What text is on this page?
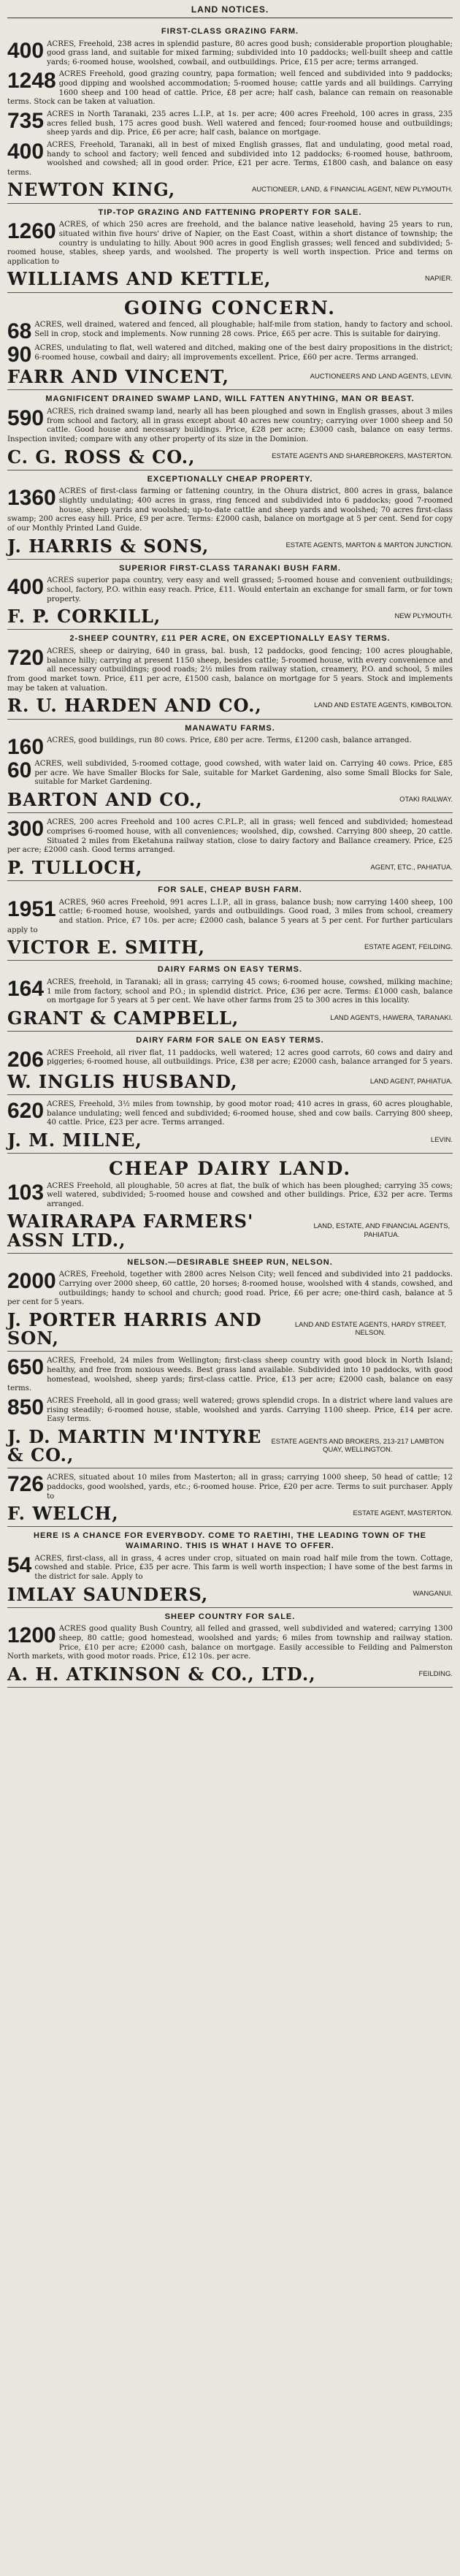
LAND NOTICES.
FIRST-CLASS GRAZING FARM.
400 ACRES, Freehold, 238 acres in splendid pasture, 80 acres good bush; considerable proportion ploughable; good grass land, and suitable for mixed farming; subdivided into 10 paddocks; well-built sheep and cattle yards; 6-roomed house, woolshed, cowbail, and outbuildings. Price, £15 per acre; terms arranged.
1248 ACRES Freehold, good grazing country, papa formation; well fenced and subdivided into 9 paddocks; good dipping and woolshed accommodation; 5-roomed house; cattle yards and all buildings. Carrying 1600 sheep and 100 head of cattle. Price, £8 per acre; half cash, balance can remain on reasonable terms. Stock can be taken at valuation.
735 ACRES in North Taranaki, 235 acres L.I.P., at 1s. per acre; 400 acres Freehold, 100 acres in grass, 235 acres felled bush, 175 acres good bush. Well watered and fenced; four-roomed house and outbuildings; sheep yards and dip. Price, £6 per acre; half cash, balance on mortgage.
400 ACRES, Freehold, Taranaki, all in best of mixed English grasses, flat and undulating, good metal road, handy to school and factory; well fenced and subdivided into 12 paddocks; 6-roomed house, bathroom, woolshed and cowshed; all in good order. Price, £21 per acre. Terms, £1800 cash, and balance on easy terms.
NEWTON KING,	AUCTIONEER, LAND, & FINANCIAL AGENT, NEW PLYMOUTH.
TIP-TOP GRAZING AND FATTENING PROPERTY FOR SALE.
1260 ACRES, of which 250 acres are freehold, and the balance native leasehold, having 25 years to run, situated within five hours' drive of Napier, on the East Coast, within a short distance of township; the country is undulating to hilly. About 900 acres in good English grasses; well fenced and subdivided; 5-roomed house, stables, sheep yards, and woolshed. The property is well worth inspection. Price and terms on application to
WILLIAMS AND KETTLE,	NAPIER.
GOING CONCERN.
68 ACRES, well drained, watered and fenced, all ploughable; half-mile from station, handy to factory and school. Sell in crop, stock and implements. Now running 28 cows. Price, £65 per acre. This is suitable for dairying.
90 ACRES, undulating to flat, well watered and ditched, making one of the best dairy propositions in the district; 6-roomed house, cowbail and dairy; all improvements excellent. Price, £60 per acre. Terms arranged.
FARR AND VINCENT,	AUCTIONEERS AND LAND AGENTS, LEVIN.
MAGNIFICENT DRAINED SWAMP LAND, WILL FATTEN ANYTHING, MAN OR BEAST.
590 ACRES, rich drained swamp land, nearly all has been ploughed and sown in English grasses, about 3 miles from school and factory, all in grass except about 40 acres new country; carrying over 1000 sheep and 50 cattle. Good house and necessary buildings. Price, £28 per acre; £3000 cash, balance on easy terms. Inspection invited; compare with any other property of its size in the Dominion.
C. G. ROSS & CO.,	ESTATE AGENTS AND SHAREBROKERS, MASTERTON.
EXCEPTIONALLY CHEAP PROPERTY.
1360 ACRES of first-class farming or fattening country, in the Ohura district, 800 acres in grass, balance slightly undulating; 400 acres in grass, ring fenced and subdivided into 6 paddocks; good 7-roomed house, sheep yards and woolshed; up-to-date cattle and sheep yards and woolshed; 70 acres first-class swamp; 200 acres easy hill. Price, £9 per acre. Terms: £2000 cash, balance on mortgage at 5 per cent. Send for copy of our Monthly Printed Land Guide.
J. HARRIS & SONS,	ESTATE AGENTS, MARTON & MARTON JUNCTION.
SUPERIOR FIRST-CLASS TARANAKI BUSH FARM.
400 ACRES superior papa country, very easy and well grassed; 5-roomed house and convenient outbuildings; school, factory, P.O. within easy reach. Price, £11. Would entertain an exchange for small farm, or for town property.
F. P. CORKILL,	NEW PLYMOUTH.
2-SHEEP COUNTRY, £11 PER ACRE, ON EXCEPTIONALLY EASY TERMS.
720 ACRES, sheep or dairying, 640 in grass, bal. bush, 12 paddocks, good fencing; 100 acres ploughable, balance hilly; carrying at present 1150 sheep, besides cattle; 5-roomed house, with every convenience and all necessary outbuildings; good roads; 2½ miles from railway station, creamery, P.O. and school, 5 miles from good market town. Price, £11 per acre, £1500 cash, balance on mortgage for 5 years. Stock and implements may be taken at valuation.
R. U. HARDEN AND CO.,	LAND AND ESTATE AGENTS, KIMBOLTON.
MANAWATU FARMS.
160 ACRES, good buildings, run 80 cows. Price, £80 per acre. Terms, £1200 cash, balance arranged.
60 ACRES, well subdivided, 5-roomed cottage, good cowshed, with water laid on. Carrying 40 cows. Price, £85 per acre. We have Smaller Blocks for Sale, suitable for Market Gardening, also some Small Blocks for Sale, suitable for Market Gardening.
BARTON AND CO.,	OTAKI RAILWAY.
300 ACRES, 200 acres Freehold and 100 acres C.P.L.P., all in grass; well fenced and subdivided; homestead comprises 6-roomed house, with all conveniences; woolshed, dip, cowshed. Carrying 800 sheep, 20 cattle. Situated 2 miles from Eketahuna railway station, close to dairy factory and Ballance creamery. Price, £25 per acre; £2000 cash. Good terms arranged.
P. TULLOCH,	AGENT, ETC., PAHIATUA.
FOR SALE, CHEAP BUSH FARM.
1951 ACRES, 960 acres Freehold, 991 acres L.I.P., all in grass, balance bush; now carrying 1400 sheep, 100 cattle; 6-roomed house, woolshed, yards and outbuildings. Good road, 3 miles from school, creamery and station. Price, £7 10s. per acre; £2000 cash, balance 5 years at 5 per cent. For further particulars apply to
VICTOR E. SMITH,	ESTATE AGENT, FEILDING.
DAIRY FARMS ON EASY TERMS.
164 ACRES, freehold, in Taranaki; all in grass; carrying 45 cows; 6-roomed house, cowshed, milking machine; 1 mile from factory, school and P.O.; in splendid district. Price, £36 per acre. Terms: £1000 cash, balance on mortgage for 5 years at 5 per cent. We have other farms from 25 to 300 acres in this locality.
GRANT & CAMPBELL,	LAND AGENTS, HAWERA, TARANAKI.
DAIRY FARM FOR SALE ON EASY TERMS.
206 ACRES Freehold, all river flat, 11 paddocks, well watered; 12 acres good carrots, 60 cows and dairy and piggeries; 6-roomed house, all outbuildings. Price, £38 per acre; £2000 cash, balance arranged for 5 years.
W. INGLIS HUSBAND,	LAND AGENT, PAHIATUA.
620 ACRES, Freehold, 3½ miles from township, by good motor road; 410 acres in grass, 60 acres ploughable, balance undulating; well fenced and subdivided; 6-roomed house, shed and cow bails. Carrying 800 sheep, 40 cattle. Price, £23 per acre. Terms arranged.
J. M. MILNE,	LEVIN.
CHEAP DAIRY LAND.
103 ACRES Freehold, all ploughable, 50 acres at flat, the bulk of which has been ploughed; carrying 35 cows; well watered, subdivided; 5-roomed house and cowshed and other buildings. Price, £32 per acre. Terms arranged.
WAIRARAPA FARMERS' ASSN LTD.,
LAND, ESTATE, AND FINANCIAL AGENTS, PAHIATUA.
NELSON.—DESIRABLE SHEEP RUN, NELSON.
2000 ACRES, Freehold, together with 2800 acres Nelson City; well fenced and subdivided into 21 paddocks. Carrying over 2000 sheep, 60 cattle, 20 horses; 8-roomed house, woolshed with 4 stands, cowshed, and outbuildings; handy to school and church; good road. Price, £6 per acre; one-third cash, balance at 5 per cent for 5 years.
J. PORTER HARRIS AND SON,
LAND AND ESTATE AGENTS, HARDY STREET, NELSON.
650 ACRES, Freehold, 24 miles from Wellington; first-class sheep country with good block in North Island; healthy, and free from noxious weeds. Best grass land available. Subdivided into 10 paddocks, with good homestead, woolshed, sheep yards; first-class cattle. Price, £13 per acre; £2000 cash, balance on easy terms.
850 ACRES Freehold, all in good grass; well watered; grows splendid crops. In a district where land values are rising steadily; 6-roomed house, stable, woolshed and yards. Carrying 1100 sheep. Price, £14 per acre. Easy terms.
J. D. MARTIN M'INTYRE & CO.,
ESTATE AGENTS AND BROKERS, 213-217 LAMBTON QUAY, WELLINGTON.
726 ACRES, situated about 10 miles from Masterton; all in grass; carrying 1000 sheep, 50 head of cattle; 12 paddocks, good woolshed, yards, etc.; 6-roomed house. Price, £20 per acre. Terms to suit purchaser. Apply to
F. WELCH,	ESTATE AGENT, MASTERTON.
HERE IS A CHANCE FOR EVERYBODY. COME TO RAETIHI, THE LEADING TOWN OF THE WAIMARINO. THIS IS WHAT I HAVE TO OFFER.
54 ACRES, first-class, all in grass, 4 acres under crop, situated on main road half mile from the town. Cottage, cowshed and stable. Price, £35 per acre. This farm is well worth inspection; I have some of the best farms in the district for sale. Apply to
IMLAY SAUNDERS,	WANGANUI.
SHEEP COUNTRY FOR SALE.
1200 ACRES good quality Bush Country, all felled and grassed, well subdivided and watered; carrying 1300 sheep, 80 cattle; good homestead, woolshed and yards; 6 miles from township and railway station. Price, £10 per acre; £2000 cash, balance on mortgage. Easily accessible to Feilding and Palmerston North markets, with good motor roads. Price, £12 10s. per acre.
A. H. ATKINSON & CO., LTD.,	FEILDING.
